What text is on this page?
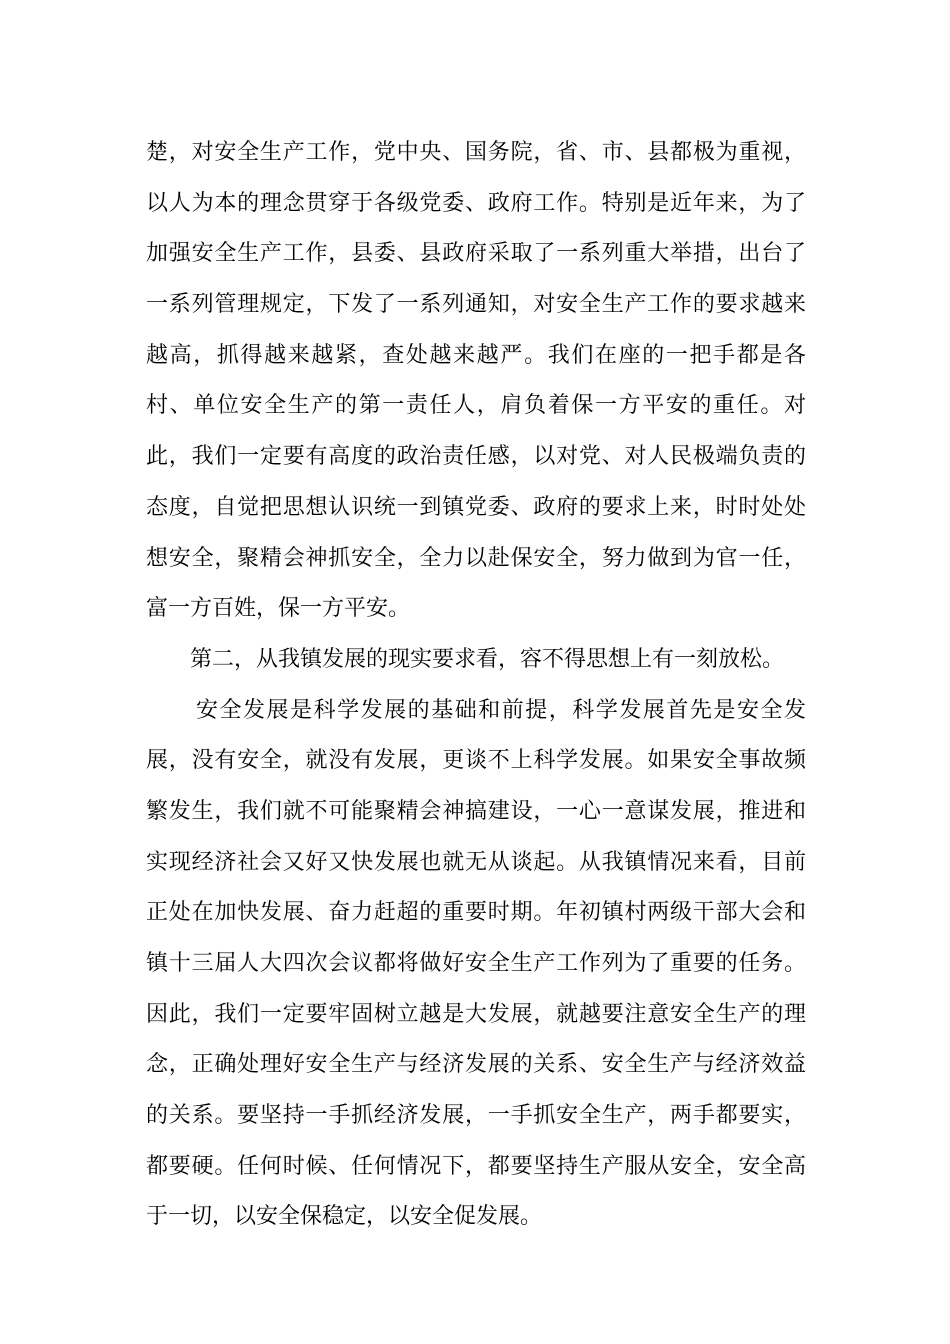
楚，对安全生产工作，党中央、国务院，省、市、县都极为重视，
以人为本的理念贯穿于各级党委、政府工作。特别是近年来，为了
加强安全生产工作，县委、县政府采取了一系列重大举措，出台了
一系列管理规定，下发了一系列通知，对安全生产工作的要求越来
越高，抓得越来越紧，查处越来越严。我们在座的一把手都是各
村、单位安全生产的第一责任人，肩负着保一方平安的重任。对
此，我们一定要有高度的政治责任感，以对党、对人民极端负责的
态度，自觉把思想认识统一到镇党委、政府的要求上来，时时处处
想安全，聚精会神抓安全，全力以赴保安全，努力做到为官一任，
富一方百姓，保一方平安。
第二，从我镇发展的现实要求看，容不得思想上有一刻放松。
安全发展是科学发展的基础和前提，科学发展首先是安全发
展，没有安全，就没有发展，更谈不上科学发展。如果安全事故频
繁发生，我们就不可能聚精会神搞建设，一心一意谋发展，推进和
实现经济社会又好又快发展也就无从谈起。从我镇情况来看，目前
正处在加快发展、奋力赶超的重要时期。年初镇村两级干部大会和
镇十三届人大四次会议都将做好安全生产工作列为了重要的任务。
因此，我们一定要牢固树立越是大发展，就越要注意安全生产的理
念，正确处理好安全生产与经济发展的关系、安全生产与经济效益
的关系。要坚持一手抓经济发展，一手抓安全生产，两手都要实，
都要硬。任何时候、任何情况下，都要坚持生产服从安全，安全高
于一切，以安全保稳定，以安全促发展。
